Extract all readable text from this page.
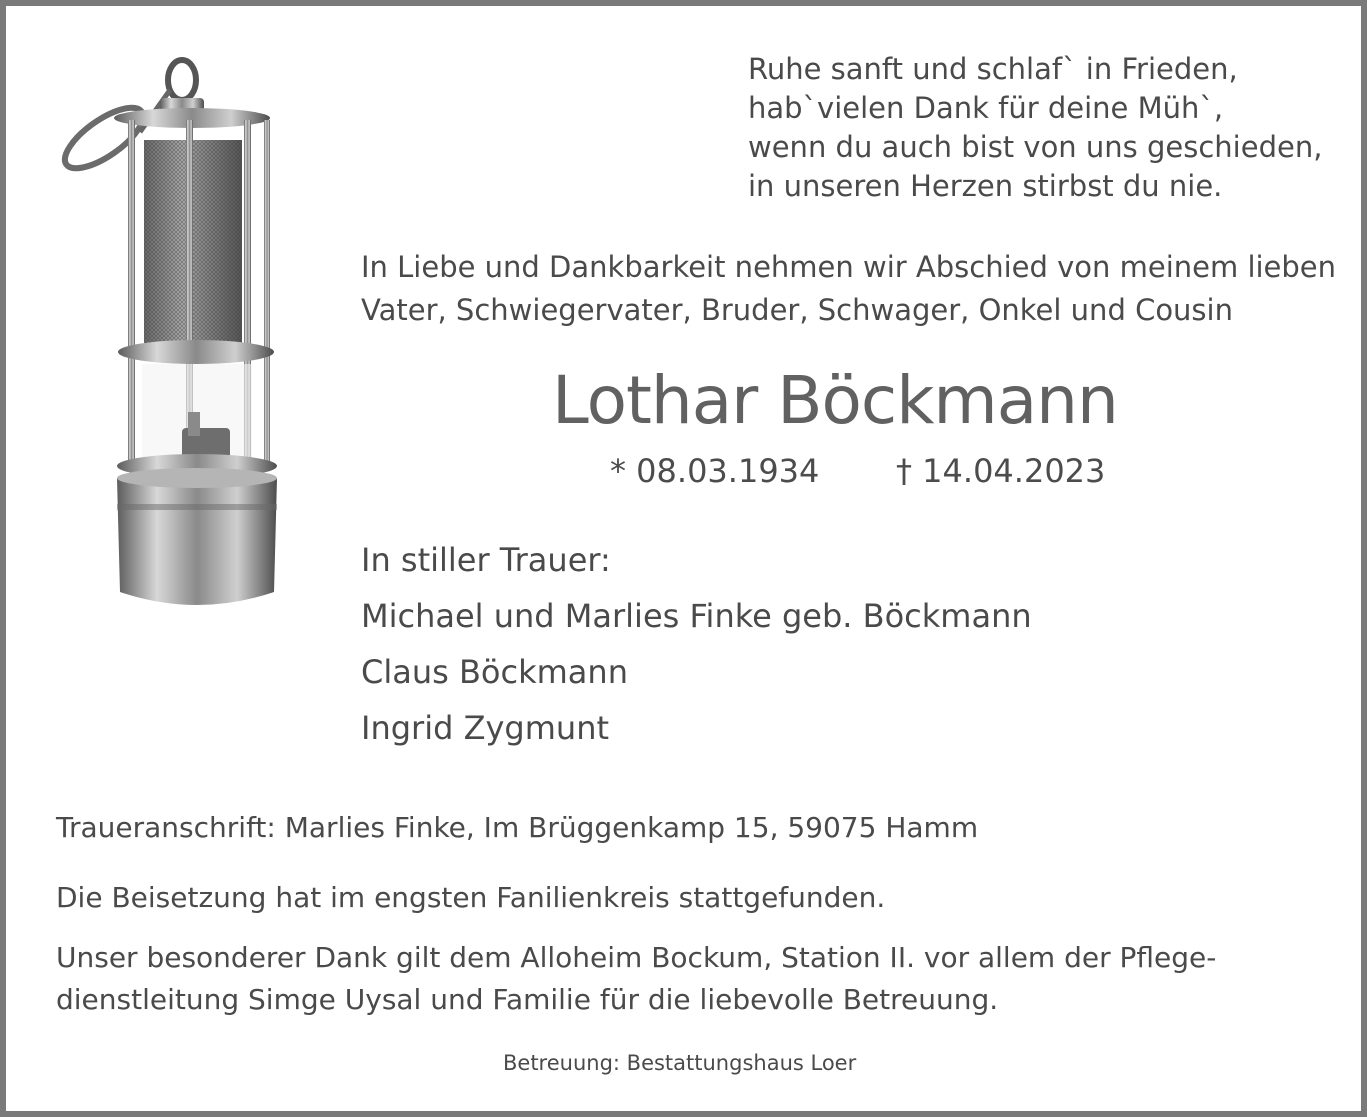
Ruhe sanft und schlaf` in Frieden,
hab`vielen Dank für deine Müh`,
wenn du auch bist von uns geschieden,
in unseren Herzen stirbst du nie.
In Liebe und Dankbarkeit nehmen wir Abschied von meinem lieben
Vater, Schwiegervater, Bruder, Schwager, Onkel und Cousin
Lothar Böckmann
* 08.03.1934 † 14.04.2023
In stiller Trauer:
Michael und Marlies Finke geb. Böckmann
Claus Böckmann
Ingrid Zygmunt
Traueranschrift: Marlies Finke, Im Brüggenkamp 15, 59075 Hamm
Die Beisetzung hat im engsten Fanilienkreis stattgefunden.
Unser besonderer Dank gilt dem Alloheim Bockum, Station II. vor allem der Pflege-
dienstleitung Simge Uysal und Familie für die liebevolle Betreuung.
Betreuung: Bestattungshaus Loer
